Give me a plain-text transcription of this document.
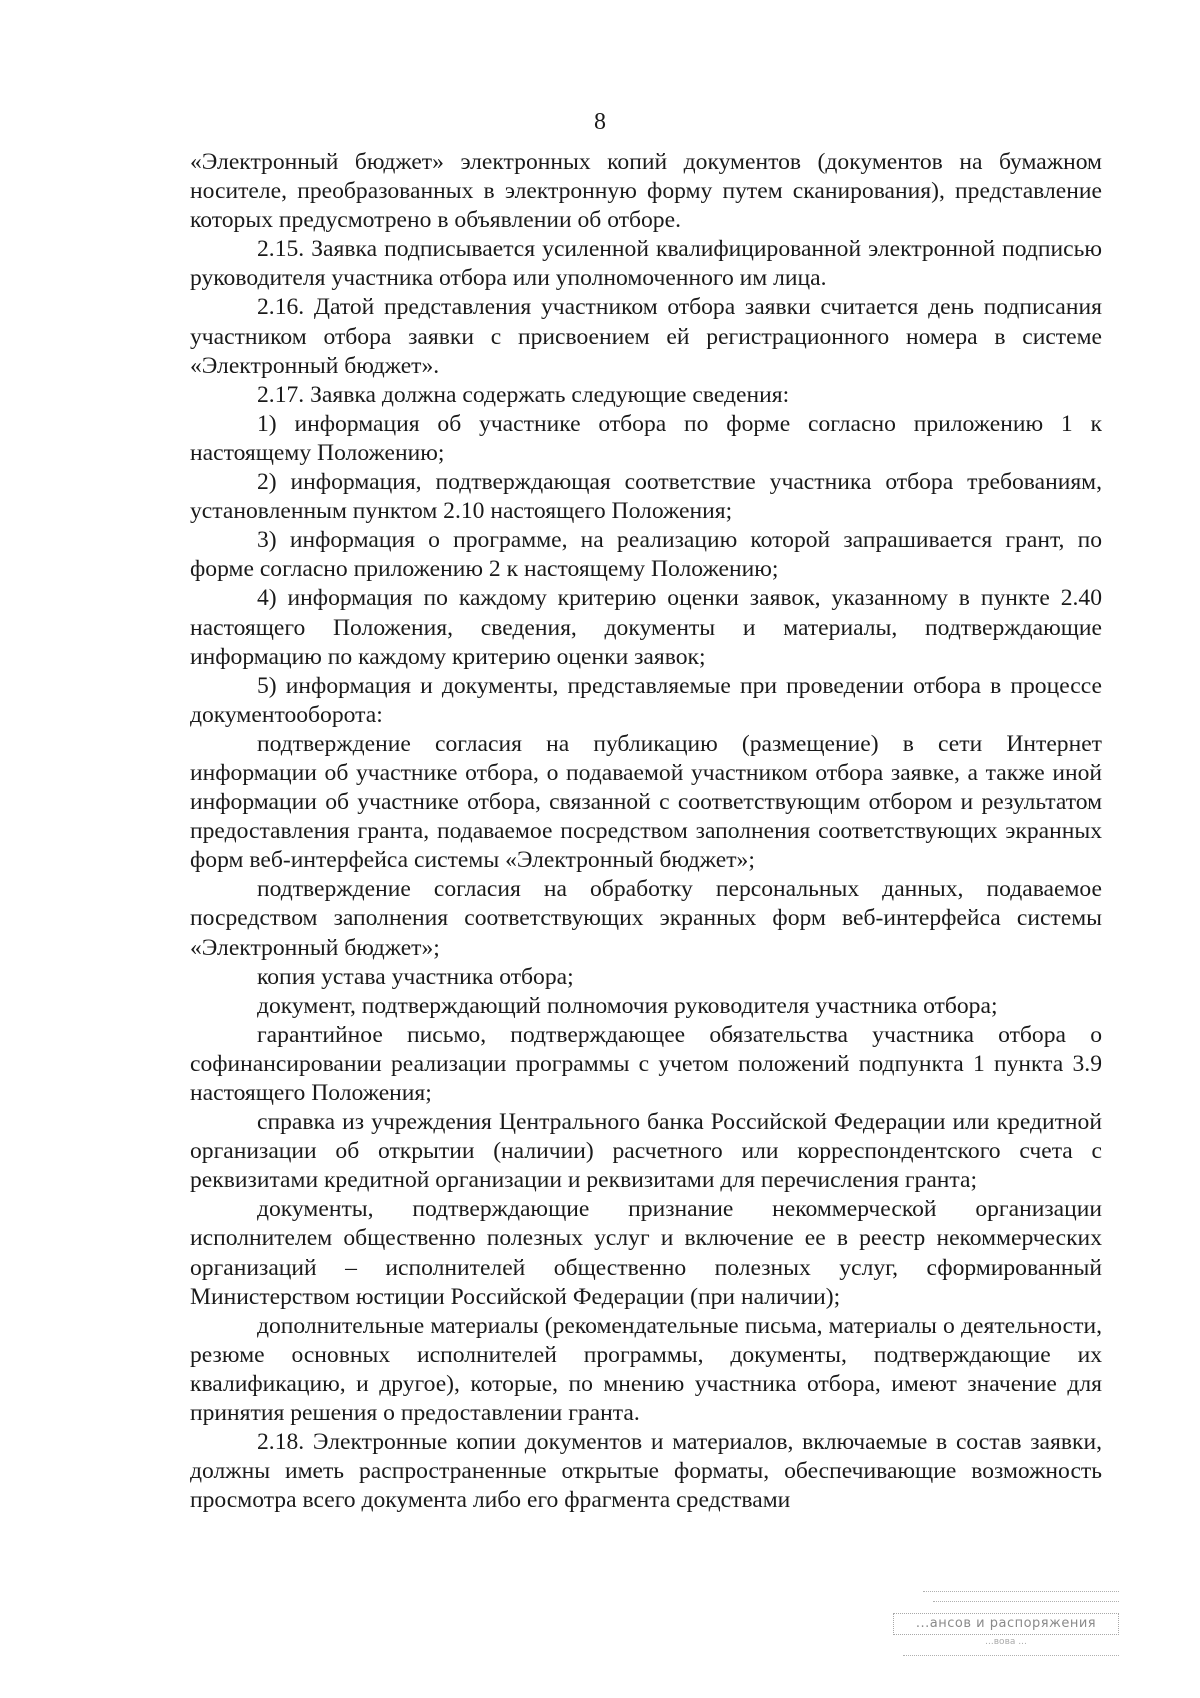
8

«Электронный бюджет» электронных копий документов (документов на бумажном носителе, преобразованных в электронную форму путем сканирования), представление которых предусмотрено в объявлении об отборе.

2.15. Заявка подписывается усиленной квалифицированной электронной подписью руководителя участника отбора или уполномоченного им лица.

2.16. Датой представления участником отбора заявки считается день подписания участником отбора заявки с присвоением ей регистрационного номера в системе «Электронный бюджет».

2.17. Заявка должна содержать следующие сведения:

1) информация об участнике отбора по форме согласно приложению 1 к настоящему Положению;

2) информация, подтверждающая соответствие участника отбора требованиям, установленным пунктом 2.10 настоящего Положения;

3) информация о программе, на реализацию которой запрашивается грант, по форме согласно приложению 2 к настоящему Положению;

4) информация по каждому критерию оценки заявок, указанному в пункте 2.40 настоящего Положения, сведения, документы и материалы, подтверждающие информацию по каждому критерию оценки заявок;

5) информация и документы, представляемые при проведении отбора в процессе документооборота:

подтверждение согласия на публикацию (размещение) в сети Интернет информации об участнике отбора, о подаваемой участником отбора заявке, а также иной информации об участнике отбора, связанной с соответствующим отбором и результатом предоставления гранта, подаваемое посредством заполнения соответствующих экранных форм веб-интерфейса системы «Электронный бюджет»;

подтверждение согласия на обработку персональных данных, подаваемое посредством заполнения соответствующих экранных форм веб-интерфейса системы «Электронный бюджет»;

копия устава участника отбора;

документ, подтверждающий полномочия руководителя участника отбора;

гарантийное письмо, подтверждающее обязательства участника отбора о софинансировании реализации программы с учетом положений подпункта 1 пункта 3.9 настоящего Положения;

справка из учреждения Центрального банка Российской Федерации или кредитной организации об открытии (наличии) расчетного или корреспондентского счета с реквизитами кредитной организации и реквизитами для перечисления гранта;

документы, подтверждающие признание некоммерческой организации исполнителем общественно полезных услуг и включение ее в реестр некоммерческих организаций – исполнителей общественно полезных услуг, сформированный Министерством юстиции Российской Федерации (при наличии);

дополнительные материалы (рекомендательные письма, материалы о деятельности, резюме основных исполнителей программы, документы, подтверждающие их квалификацию, и другое), которые, по мнению участника отбора, имеют значение для принятия решения о предоставлении гранта.

2.18. Электронные копии документов и материалов, включаемые в состав заявки, должны иметь распространенные открытые форматы, обеспечивающие возможность просмотра всего документа либо его фрагмента средствами

...ансов и распоряжения
...вова ...
